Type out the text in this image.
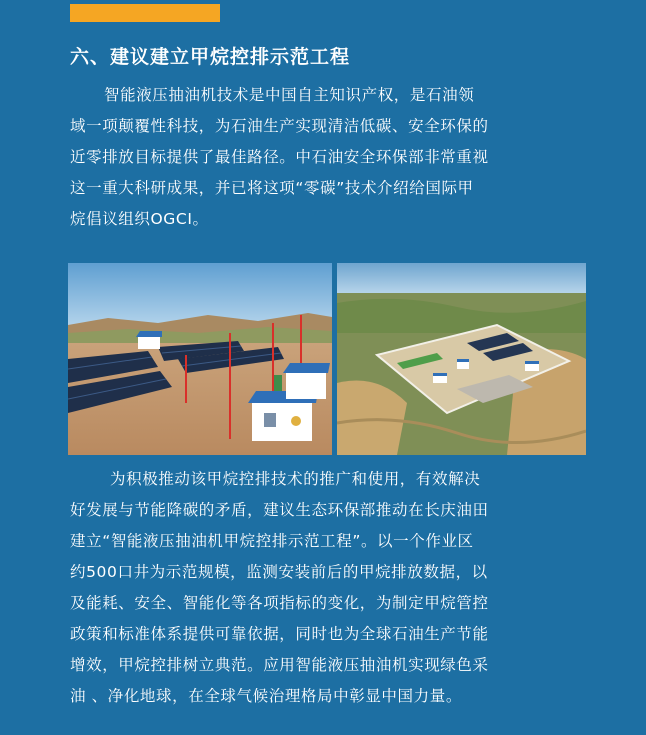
六、建议建立甲烷控排示范工程

智能液压抽油机技术是中国自主知识产权，是石油领
域一项颠覆性科技，为石油生产实现清洁低碳、安全环保的
近零排放目标提供了最佳路径。中石油安全环保部非常重视
这一重大科研成果，并已将这项“零碳”技术介绍给国际甲
烷倡议组织OGCI。

为积极推动该甲烷控排技术的推广和使用，有效解决
好发展与节能降碳的矛盾，建议生态环保部推动在长庆油田
建立“智能液压抽油机甲烷控排示范工程”。以一个作业区
约500口井为示范规模，监测安装前后的甲烷排放数据，以
及能耗、安全、智能化等各项指标的变化，为制定甲烷管控
政策和标准体系提供可靠依据，同时也为全球石油生产节能
增效，甲烷控排树立典范。应用智能液压抽油机实现绿色采
油 、净化地球，在全球气候治理格局中彰显中国力量。
